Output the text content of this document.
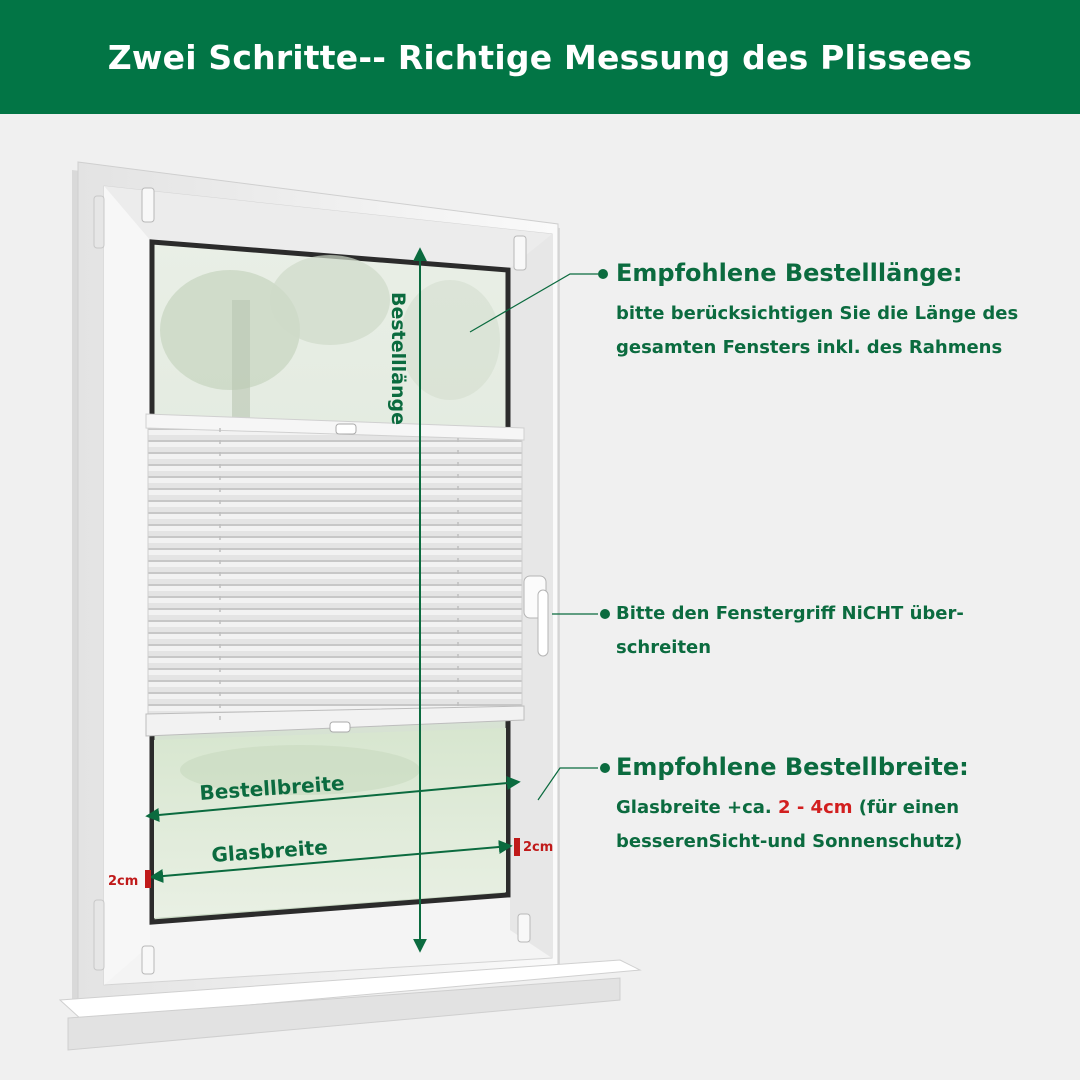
Zwei Schritte-- Richtige Messung des Plissees
Bestelllänge
Bestellbreite
Glasbreite
2cm
2cm
Empfohlene Bestelllänge:
bitte berücksichtigen Sie die Länge des gesamten Fensters inkl. des Rahmens
Bitte den Fenstergriff NiCHT über-schreiten
Empfohlene Bestellbreite:
Glasbreite +ca. 2 - 4cm (für einen besserenSicht-und Sonnenschutz)
